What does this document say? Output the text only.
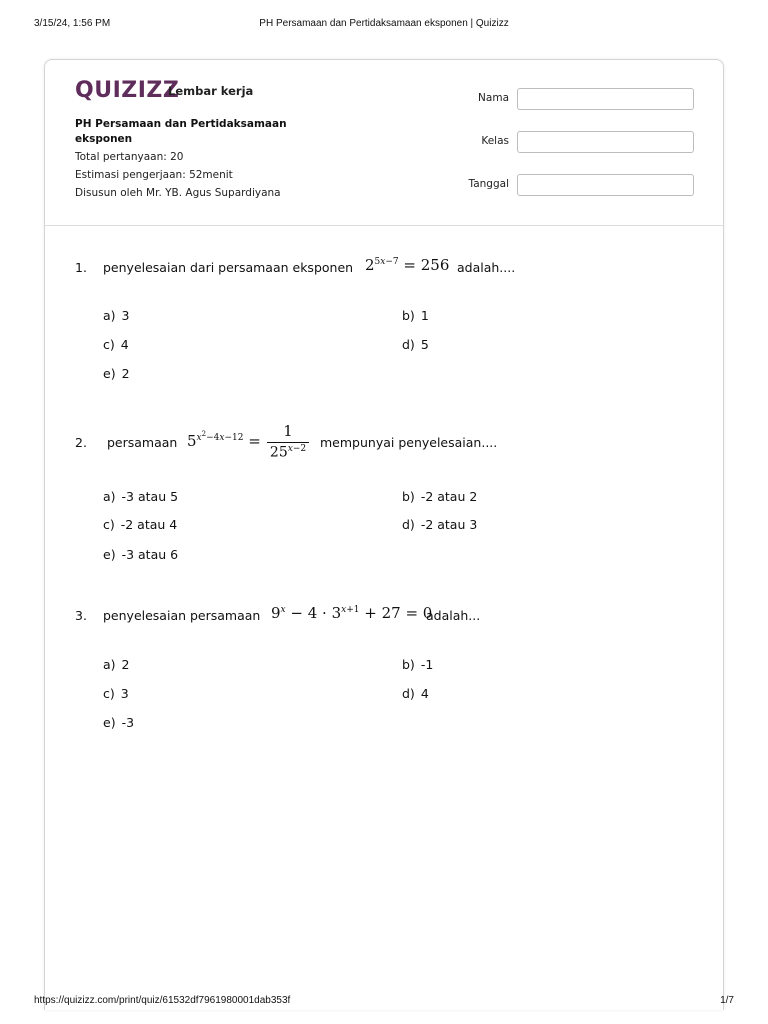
3/15/24, 1:56 PM	PH Persamaan dan Pertidaksamaan eksponen | Quizizz
QUIZIZZ
Lembar kerja
PH Persamaan dan Pertidaksamaan eksponen
Total pertanyaan: 20
Estimasi pengerjaan: 52menit
Disusun oleh Mr. YB. Agus Supardiyana
Nama
Kelas
Tanggal
1. penyelesaian dari persamaan eksponen $2^{5x-7} = 256$ adalah....
a) 3	b) 1
c) 4	d) 5
e) 2
2. persamaan $5^{x^2-4x-12}$ =
1
$25^{x-2}$	mempunyai penyelesaian....
a) -3 atau 5	b) -2 atau 2
c) -2 atau 4	d) -2 atau 3
e) -3 atau 6
3. penyelesaian persamaan $9^x - 4 \cdot 3^{x+1} + 27 = 0$
adalah...
a) 2	b) -1
c) 3	d) 4
e) -3
https://quizizz.com/print/quiz/61532df7961980001dab353f	1/7
